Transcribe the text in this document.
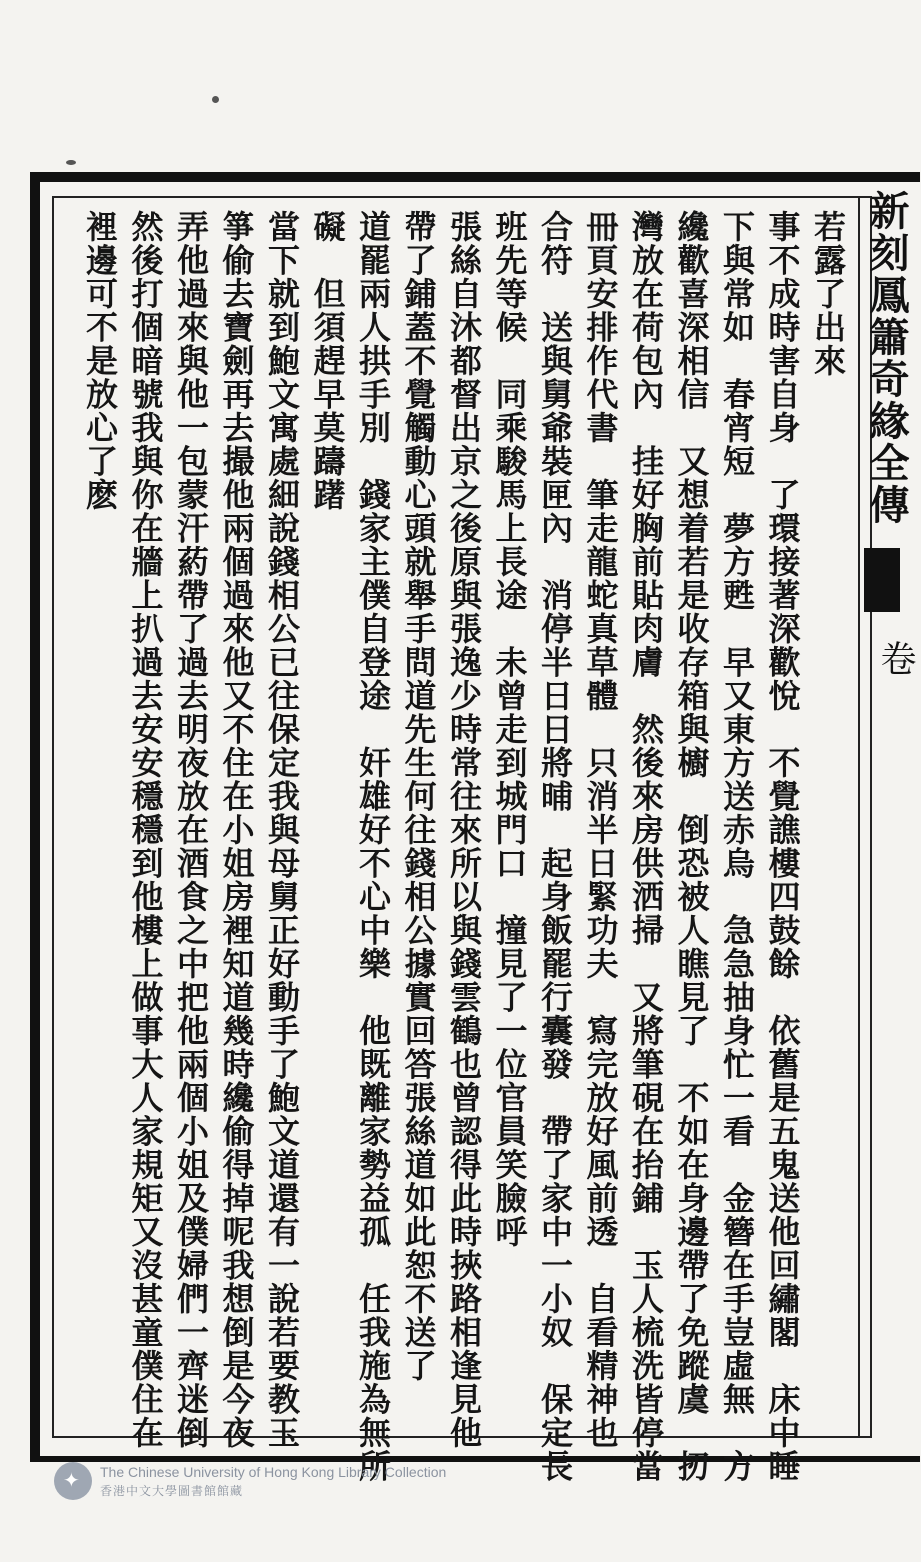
新刻鳳簫奇緣全傳
卷
若露了出來
事不成時害自身　了環接著深歡悅　不覺譙樓四鼓餘　依舊是五鬼送他回繡閣　床中睡
下與常如　春宵短　夢方甦　早又東方送赤烏　急急抽身忙一看　金簪在手豈虛無　方
纔歡喜深相信　又想着若是收存箱與櫥　倒恐被人瞧見了　不如在身邊帶了免蹤虞　扨
灣放在荷包內　挂好胸前貼肉膚　然後來房供洒掃　又將筆硯在抬鋪　玉人梳洗皆停當
冊頁安排作代書　筆走龍蛇真草體　只消半日緊功夫　寫完放好風前透　自看精神也
合符　送與舅爺裝匣內　消停半日日將晡　起身飯罷行囊發　帶了家中一小奴　保定長
班先等候　同乘駿馬上長途　未曾走到城門口　撞見了一位官員笑臉呼
張絲自沐都督出京之後原與張逸少時常往來所以與錢雲鶴也曾認得此時挾路相逢見他
帶了鋪蓋不覺觸動心頭就舉手問道先生何往錢相公據實回答張絲道如此恕不送了
道罷兩人拱手別　錢家主僕自登途　奸雄好不心中樂　他既離家勢益孤　任我施為無所
礙　但須趕早莫躊躇
當下就到鮑文寓處細說錢相公已往保定我與母舅正好動手了鮑文道還有一說若要教玉
箏偷去寶劍再去撮他兩個過來他又不住在小姐房裡知道幾時纔偷得掉呢我想倒是今夜
弄他過來與他一包蒙汗葯帶了過去明夜放在酒食之中把他兩個小姐及僕婦們一齊迷倒
然後打個暗號我與你在牆上扒過去安安穩穩到他樓上做事大人家規矩又沒甚童僕住在
裡邊可不是放心了麽
✦ The Chinese University of Hong Kong Library Collection
香港中文大學圖書館館藏
